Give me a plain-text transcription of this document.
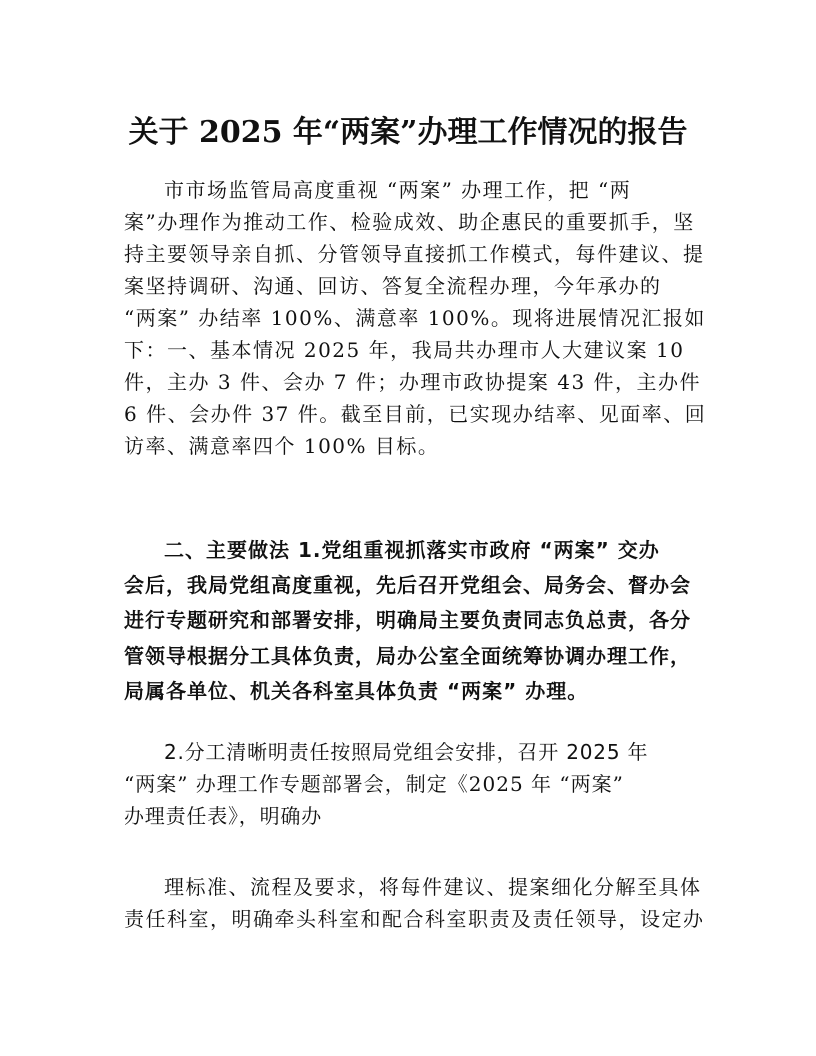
关于 2025 年“两案”办理工作情况的报告
市市场监管局高度重视 “两案” 办理工作，把 “两
案”办理作为推动工作、检验成效、助企惠民的重要抓手，坚
持主要领导亲自抓、分管领导直接抓工作模式，每件建议、提
案坚持调研、沟通、回访、答复全流程办理，今年承办的
“两案” 办结率 100%、满意率 100%。现将进展情况汇报如
下：一、基本情况 2025 年，我局共办理市人大建议案 10
件，主办 3 件、会办 7 件；办理市政协提案 43 件，主办件
6 件、会办件 37 件。截至目前，已实现办结率、见面率、回
访率、满意率四个 100% 目标。
二、主要做法 1.党组重视抓落实市政府 “两案” 交办
会后，我局党组高度重视，先后召开党组会、局务会、督办会
进行专题研究和部署安排，明确局主要负责同志负总责，各分
管领导根据分工具体负责，局办公室全面统筹协调办理工作，
局属各单位、机关各科室具体负责 “两案” 办理。
2.分工清晰明责任按照局党组会安排，召开 2025 年
“两案” 办理工作专题部署会，制定《2025 年 “两案”
办理责任表》，明确办
理标准、流程及要求，将每件建议、提案细化分解至具体
责任科室，明确牵头科室和配合科室职责及责任领导，设定办
